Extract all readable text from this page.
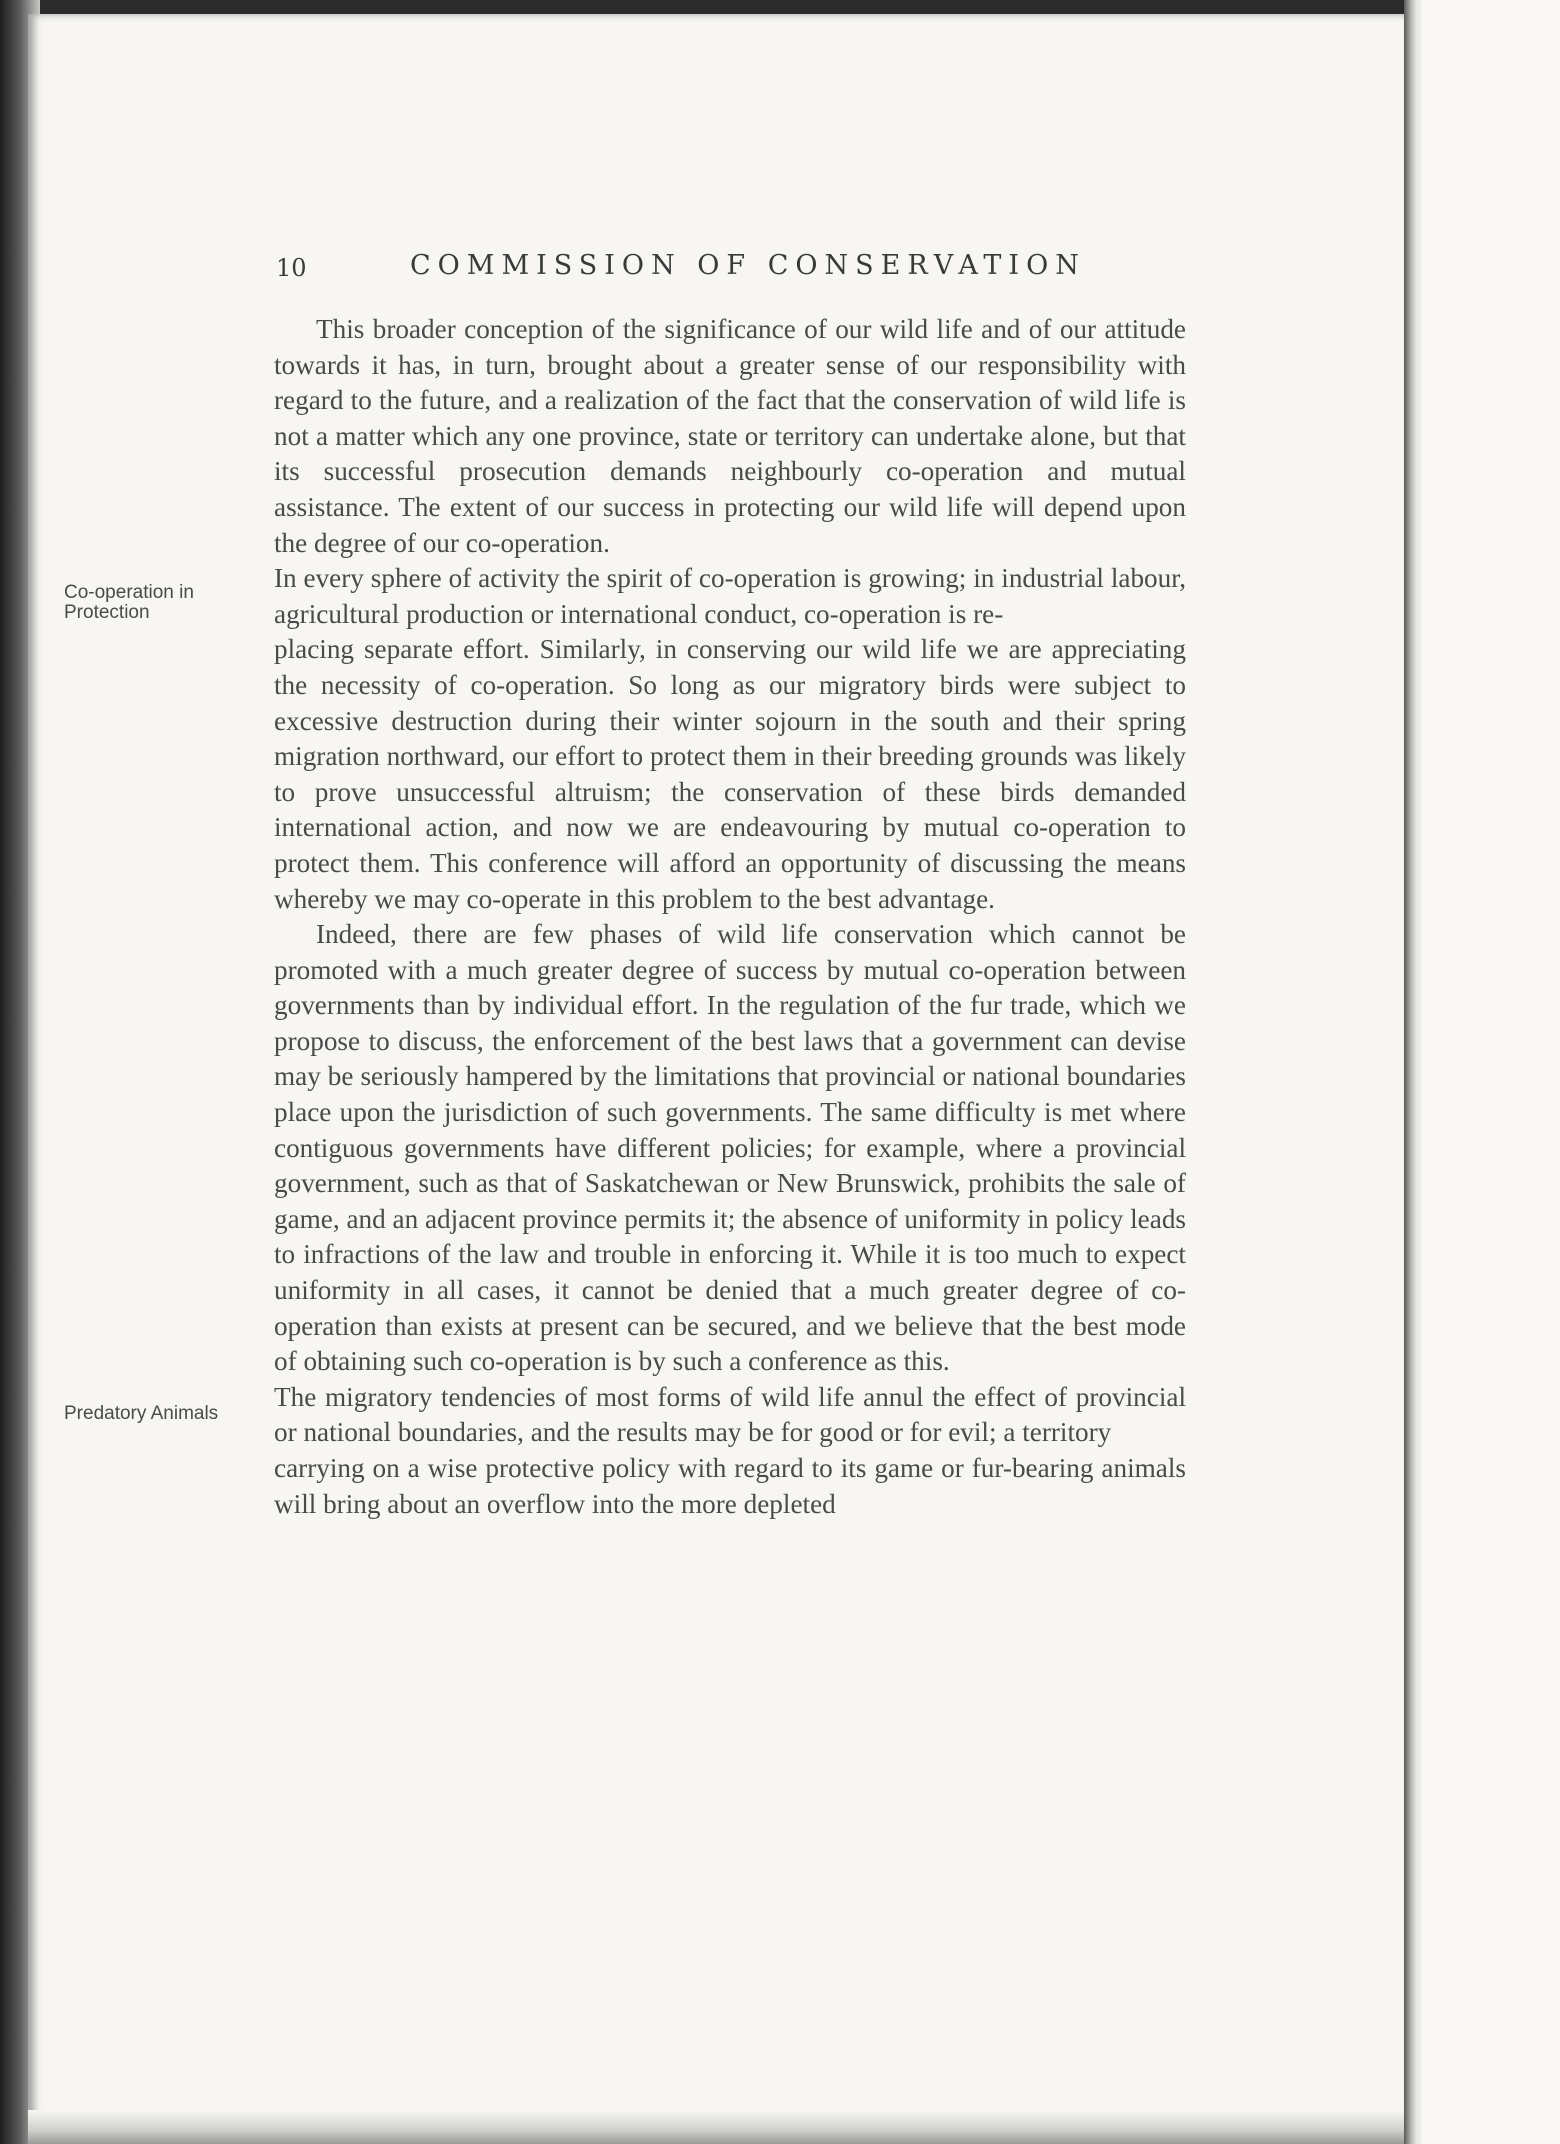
10	COMMISSION OF CONSERVATION

This broader conception of the significance of our wild life and of our attitude towards it has, in turn, brought about a greater sense of our responsibility with regard to the future, and a realization of the fact that the conservation of wild life is not a matter which any one province, state or territory can undertake alone, but that its successful prosecution demands neighbourly co-operation and mutual assistance. The extent of our success in protecting our wild life will depend upon the degree of our co-operation.

Co-operation in Protection

In every sphere of activity the spirit of co-operation is growing; in industrial labour, agricultural production or international conduct, co-operation is re-

placing separate effort. Similarly, in conserving our wild life we are appreciating the necessity of co-operation. So long as our migratory birds were subject to excessive destruction during their winter sojourn in the south and their spring migration northward, our effort to protect them in their breeding grounds was likely to prove unsuccessful altruism; the conservation of these birds demanded international action, and now we are endeavouring by mutual co-operation to protect them. This conference will afford an opportunity of discussing the means whereby we may co-operate in this problem to the best advantage.

Indeed, there are few phases of wild life conservation which cannot be promoted with a much greater degree of success by mutual co-operation between governments than by individual effort. In the regulation of the fur trade, which we propose to discuss, the enforcement of the best laws that a government can devise may be seriously hampered by the limitations that provincial or national boundaries place upon the jurisdiction of such governments. The same difficulty is met where contiguous governments have different policies; for example, where a provincial government, such as that of Saskatchewan or New Brunswick, prohibits the sale of game, and an adjacent province permits it; the absence of uniformity in policy leads to infractions of the law and trouble in enforcing it. While it is too much to expect uniformity in all cases, it cannot be denied that a much greater degree of co-operation than exists at present can be secured, and we believe that the best mode of obtaining such co-operation is by such a conference as this.

Predatory Animals

The migratory tendencies of most forms of wild life annul the effect of provincial or national boundaries, and the results may be for good or for evil; a territory

carrying on a wise protective policy with regard to its game or fur-bearing animals will bring about an overflow into the more depleted
